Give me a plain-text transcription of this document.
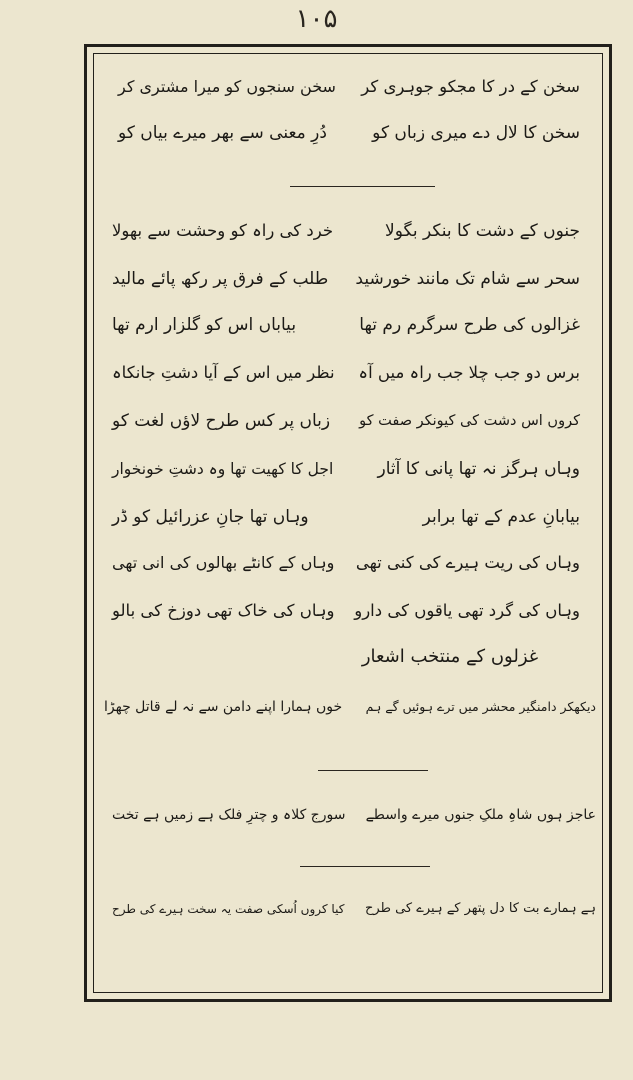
۱۰۵
سخن کے در کا مجکو جوہری کر
سخن سنجوں کو میرا مشتری کر
سخن کا لال دے میری زباں کو
دُرِ معنی سے بھر میرے بیاں کو
جنوں کے دشت کا بنکر بگولا
خرد کی راہ کو وحشت سے بھولا
سحر سے شام تک مانند خورشید
طلب کے فرق پر رکھ پائے مالید
غزالوں کی طرح سرگرم رم تھا
بیاباں اس کو گلزار ارم تھا
برس دو جب چلا جب راہ میں آہ
نظر میں اس کے آیا دشتِ جانکاہ
کروں اس دشت کی کیونکر صفت کو
زباں پر کس طرح لاؤں لغت کو
وہاں ہرگز نہ تھا پانی کا آثار
اجل کا کھیت تھا وہ دشتِ خونخوار
بیابانِ عدم کے تھا برابر
وہاں تھا جانِ عزرائیل کو ڈر
وہاں کی ریت ہیرے کی کنی تھی
وہاں کے کانٹے بھالوں کی انی تھی
وہاں کی گرد تھی یاقوں کی دارو
وہاں کی خاک تھی دوزخ کی بالو
غزلوں کے منتخب اشعار
دیکھکر دامنگیر محشر میں ترے ہوئیں گے ہم
خوں ہمارا اپنے دامن سے نہ لے قاتل چھڑا
عاجز ہوں شاہِ ملکِ جنوں میرے واسطے
سورج کلاہ و چترِ فلک ہے زمیں ہے تخت
ہے ہمارے بت کا دل پتھر کے ہیرے کی طرح
کیا کروں اُسکی صفت یہ سخت ہیرے کی طرح
